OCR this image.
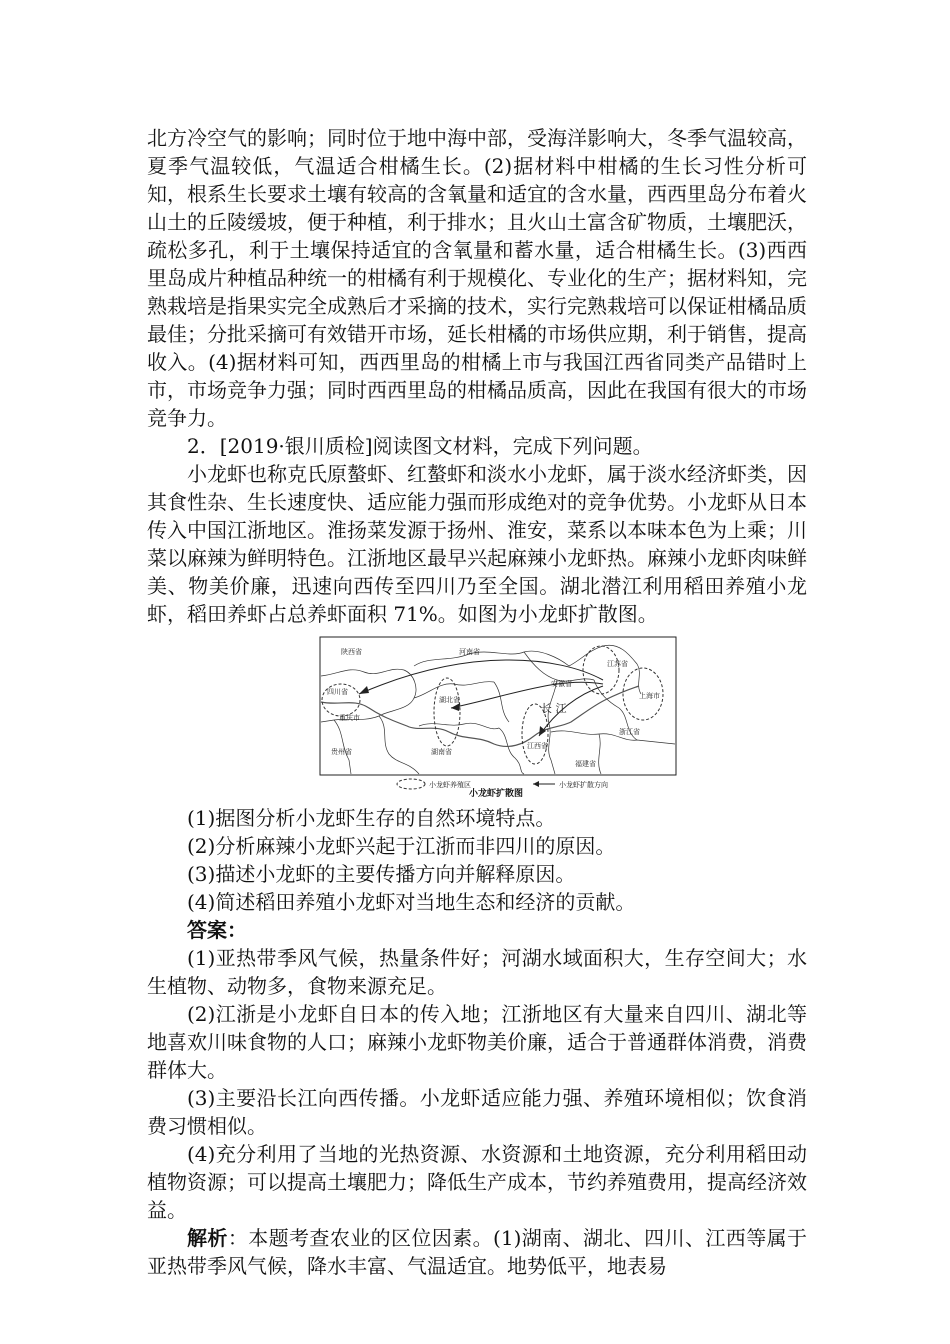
北方冷空气的影响；同时位于地中海中部，受海洋影响大，冬季气温较高，夏季气温较低，气温适合柑橘生长。(2)据材料中柑橘的生长习性分析可知，根系生长要求土壤有较高的含氧量和适宜的含水量，西西里岛分布着火山土的丘陵缓坡，便于种植，利于排水；且火山土富含矿物质，土壤肥沃，疏松多孔，利于土壤保持适宜的含氧量和蓄水量，适合柑橘生长。(3)西西里岛成片种植品种统一的柑橘有利于规模化、专业化的生产；据材料知，完熟栽培是指果实完全成熟后才采摘的技术，实行完熟栽培可以保证柑橘品质最佳；分批采摘可有效错开市场，延长柑橘的市场供应期，利于销售，提高收入。(4)据材料可知，西西里岛的柑橘上市与我国江西省同类产品错时上市，市场竞争力强；同时西西里岛的柑橘品质高，因此在我国有很大的市场竞争力。

2．[2019·银川质检]阅读图文材料，完成下列问题。

小龙虾也称克氏原螯虾、红螯虾和淡水小龙虾，属于淡水经济虾类，因其食性杂、生长速度快、适应能力强而形成绝对的竞争优势。小龙虾从日本传入中国江浙地区。淮扬菜发源于扬州、淮安，菜系以本味本色为上乘；川菜以麻辣为鲜明特色。江浙地区最早兴起麻辣小龙虾热。麻辣小龙虾肉味鲜美、物美价廉，迅速向西传至四川乃至全国。湖北潜江利用稻田养殖小龙虾，稻田养虾占总养虾面积 71%。如图为小龙虾扩散图。

陕西省	河南省
四川省
重庆市
湖北省
安徽省
江苏省
上海市
浙江省
江西省
湖南省
贵州省
福建省
长 江
小龙虾养殖区	小龙虾扩散方向
小龙虾扩散图

(1)据图分析小龙虾生存的自然环境特点。

(2)分析麻辣小龙虾兴起于江浙而非四川的原因。

(3)描述小龙虾的主要传播方向并解释原因。

(4)简述稻田养殖小龙虾对当地生态和经济的贡献。

答案：

(1)亚热带季风气候，热量条件好；河湖水域面积大，生存空间大；水生植物、动物多，食物来源充足。

(2)江浙是小龙虾自日本的传入地；江浙地区有大量来自四川、湖北等地喜欢川味食物的人口；麻辣小龙虾物美价廉，适合于普通群体消费，消费群体大。

(3)主要沿长江向西传播。小龙虾适应能力强、养殖环境相似；饮食消费习惯相似。

(4)充分利用了当地的光热资源、水资源和土地资源，充分利用稻田动植物资源；可以提高土壤肥力；降低生产成本，节约养殖费用，提高经济效益。

解析：本题考查农业的区位因素。(1)湖南、湖北、四川、江西等属于亚热带季风气候，降水丰富、气温适宜。地势低平，地表易
